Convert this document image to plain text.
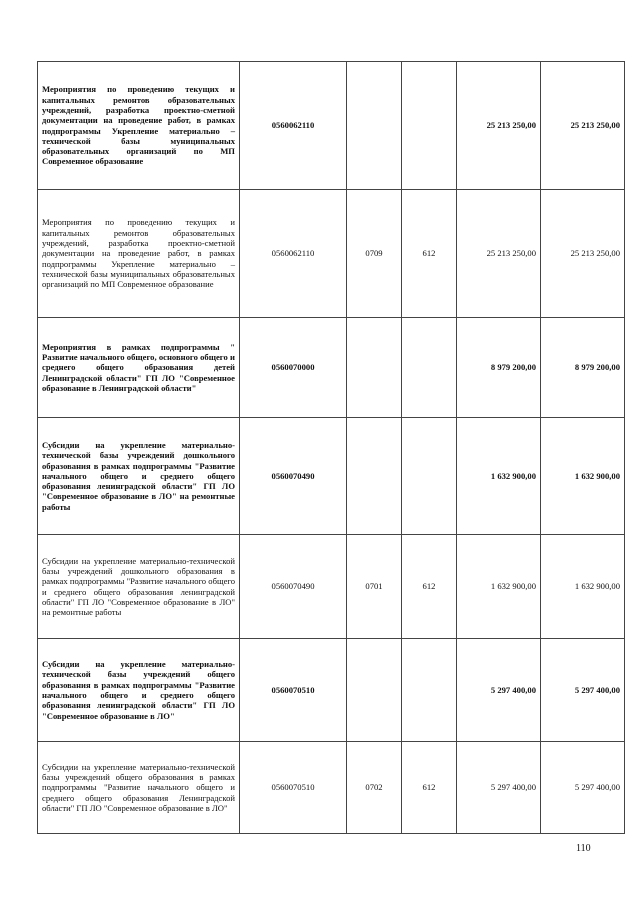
Мероприятия по проведению текущих и капитальных ремонтов образовательных учреждений, разработка проектно-сметной документации на проведение работ, в рамках подпрограммы Укрепление материально – технической базы муниципальных образовательных организаций по МП Современное образование	0560062110			25 213 250,00	25 213 250,00
Мероприятия по проведению текущих и капитальных ремонтов образовательных учреждений, разработка проектно-сметной документации на проведение работ, в рамках подпрограммы Укрепление материально – технической базы муниципальных образовательных организаций по МП Современное образование	0560062110	0709	612	25 213 250,00	25 213 250,00
Мероприятия в рамках подпрограммы " Развитие начального общего, основного общего и среднего общего образования детей Ленинградской области" ГП ЛО "Современное образование в Ленинградской области"	0560070000			8 979 200,00	8 979 200,00
Субсидии на укрепление материально-технической базы учреждений дошкольного образования в рамках подпрограммы "Развитие начального общего и среднего общего образования ленинградской области" ГП ЛО "Современное образование в ЛО" на ремонтные работы	0560070490			1 632 900,00	1 632 900,00
Субсидии на укрепление материально-технической базы учреждений дошкольного образования в рамках подпрограммы "Развитие начального общего и среднего общего образования ленинградской области" ГП ЛО "Современное образование в ЛО" на ремонтные работы	0560070490	0701	612	1 632 900,00	1 632 900,00
Субсидии на укрепление материально-технической базы учреждений общего образования в рамках подпрограммы "Развитие начального общего и среднего общего образования ленинградской области" ГП ЛО "Современное образование в ЛО"	0560070510			5 297 400,00	5 297 400,00
Субсидии на укрепление материально-технической базы учреждений общего образования в рамках подпрограммы "Развитие начального общего и среднего общего образования Ленинградской области" ГП ЛО "Современное образование в ЛО"	0560070510	0702	612	5 297 400,00	5 297 400,00
110
